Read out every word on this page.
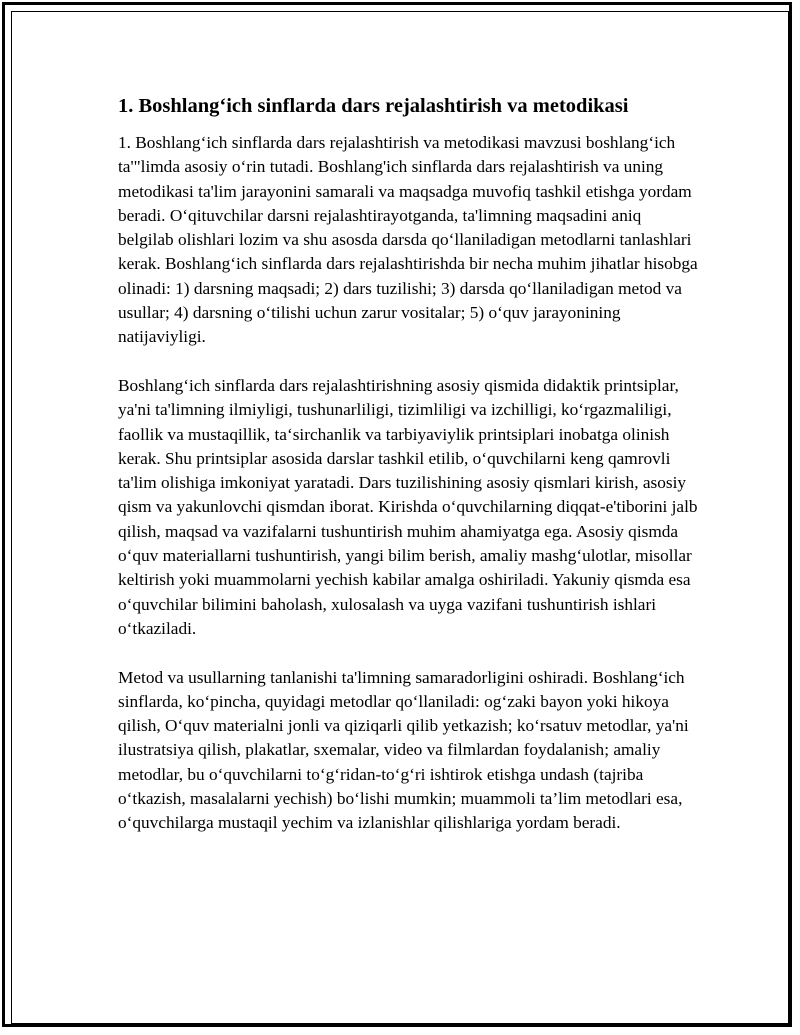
1. Boshlang‘ich sinflarda dars rejalashtirish va metodikasi

1. Boshlang‘ich sinflarda dars rejalashtirish va metodikasi mavzusi boshlang‘ich ta'"limda asosiy o‘rin tutadi. Boshlang'ich sinflarda dars rejalashtirish va uning metodikasi ta'lim jarayonini samarali va maqsadga muvofiq tashkil etishga yordam beradi. O‘qituvchilar darsni rejalashtirayotganda, ta'limning maqsadini aniq belgilab olishlari lozim va shu asosda darsda qo‘llaniladigan metodlarni tanlashlari kerak. Boshlang‘ich sinflarda dars rejalashtirishda bir necha muhim jihatlar hisobga olinadi: 1) darsning maqsadi; 2) dars tuzilishi; 3) darsda qo‘llaniladigan metod va usullar; 4) darsning o‘tilishi uchun zarur vositalar; 5) o‘quv jarayonining natijaviyligi.

Boshlang‘ich sinflarda dars rejalashtirishning asosiy qismida didaktik printsiplar, ya'ni ta'limning ilmiyligi, tushunarliligi, tizimliligi va izchilligi, ko‘rgazmaliligi, faollik va mustaqillik, ta‘sirchanlik va tarbiyaviylik printsiplari inobatga olinish kerak. Shu printsiplar asosida darslar tashkil etilib, o‘quvchilarni keng qamrovli ta'lim olishiga imkoniyat yaratadi. Dars tuzilishining asosiy qismlari kirish, asosiy qism va yakunlovchi qismdan iborat. Kirishda o‘quvchilarning diqqat-e'tiborini jalb qilish, maqsad va vazifalarni tushuntirish muhim ahamiyatga ega. Asosiy qismda o‘quv materiallarni tushuntirish, yangi bilim berish, amaliy mashg‘ulotlar, misollar keltirish yoki muammolarni yechish kabilar amalga oshiriladi. Yakuniy qismda esa o‘quvchilar bilimini baholash, xulosalash va uyga vazifani tushuntirish ishlari o‘tkaziladi.

Metod va usullarning tanlanishi ta'limning samaradorligini oshiradi. Boshlang‘ich sinflarda, ko‘pincha, quyidagi metodlar qo‘llaniladi: og‘zaki bayon yoki hikoya qilish, O‘quv materialni jonli va qiziqarli qilib yetkazish; ko‘rsatuv metodlar, ya'ni ilustratsiya qilish, plakatlar, sxemalar, video va filmlardan foydalanish; amaliy metodlar, bu o‘quvchilarni to‘g‘ridan-to‘g‘ri ishtirok etishga undash (tajriba o‘tkazish, masalalarni yechish) bo‘lishi mumkin; muammoli ta’lim metodlari esa, o‘quvchilarga mustaqil yechim va izlanishlar qilishlariga yordam beradi.
